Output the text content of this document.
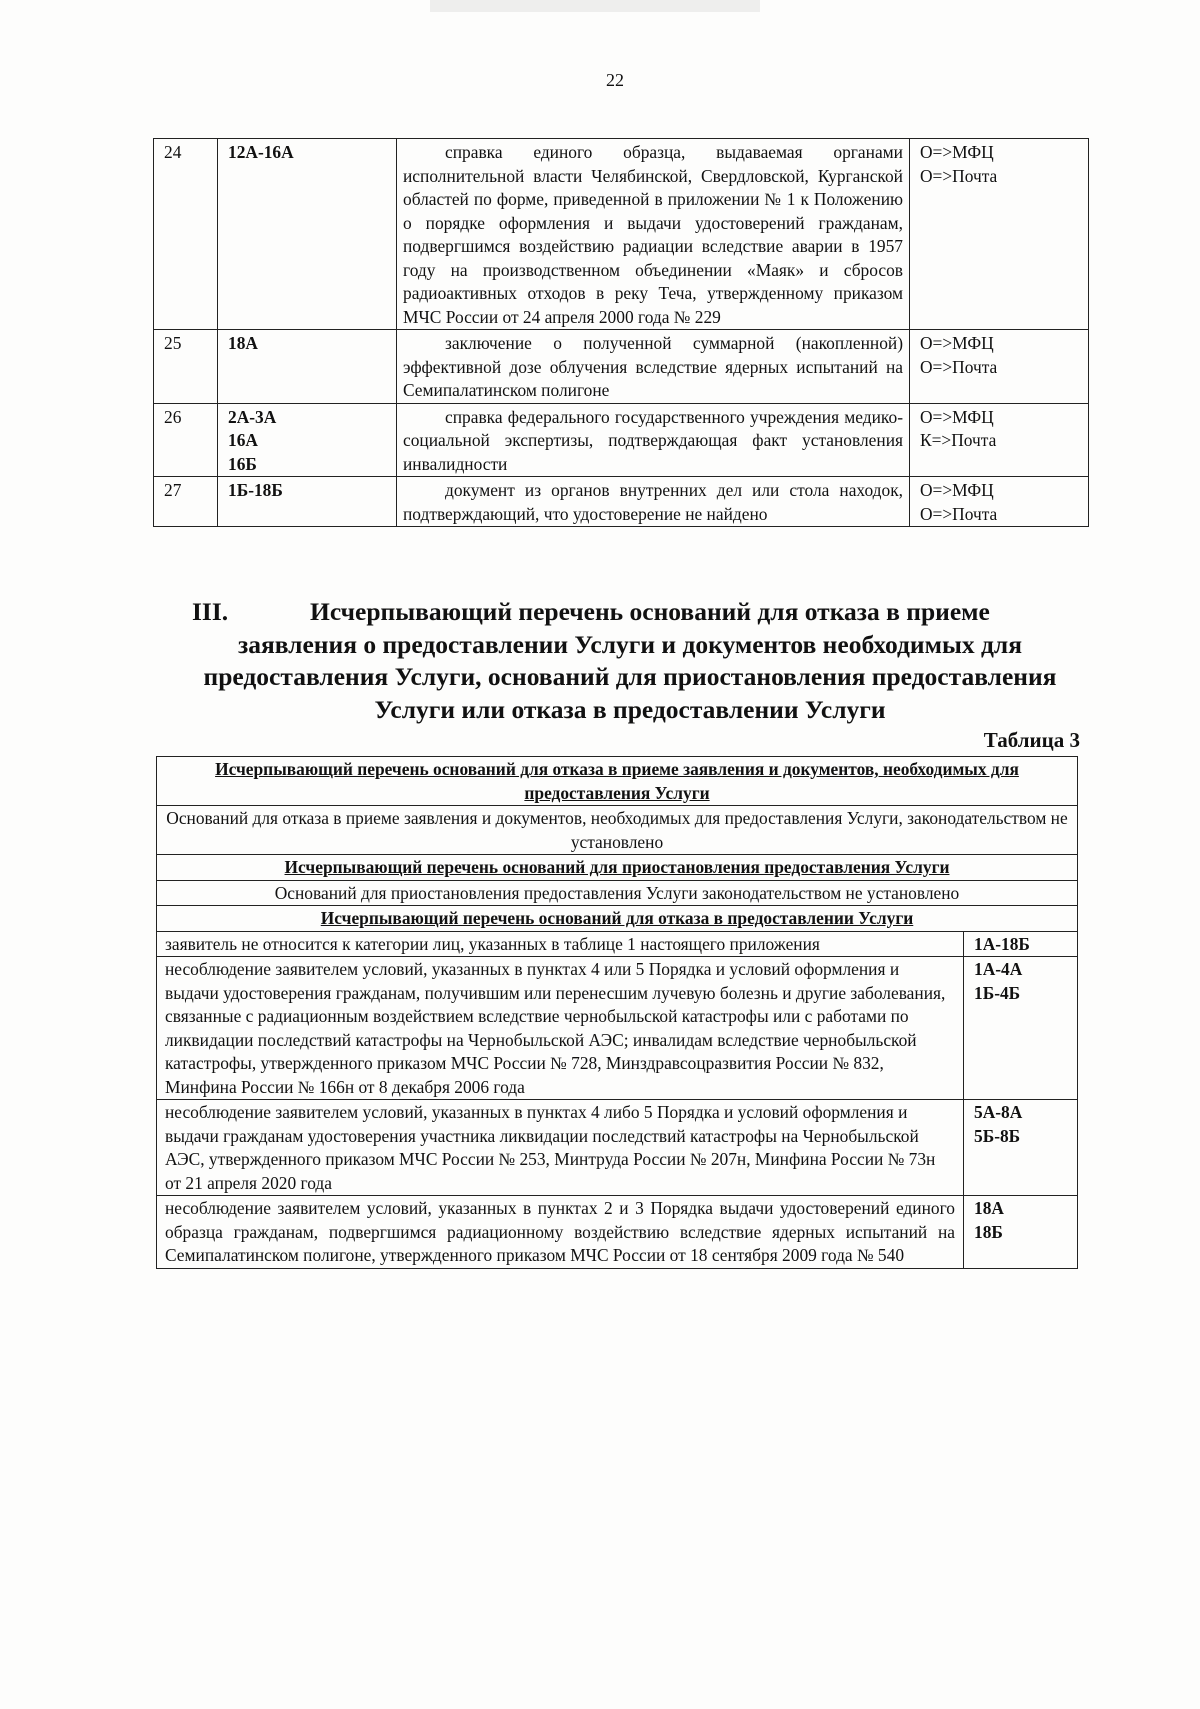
22
24	12А-16А	справка единого образца, выдаваемая органами исполнительной власти Челябинской, Свердловской, Курганской областей по форме, приведенной в приложении № 1 к Положению о порядке оформления и выдачи удостоверений гражданам, подвергшимся воздействию радиации вследствие аварии в 1957 году на производственном объединении «Маяк» и сбросов радиоактивных отходов в реку Теча, утвержденному приказом МЧС России от 24 апреля 2000 года № 229	О=>МФЦ
О=>Почта
25	18А	заключение о полученной суммарной (накопленной) эффективной дозе облучения вследствие ядерных испытаний на Семипалатинском полигоне	О=>МФЦ
О=>Почта
26	2А-3А
16А
16Б	справка федерального государственного учреждения медико-социальной экспертизы, подтверждающая факт установления инвалидности	О=>МФЦ
К=>Почта
27	1Б-18Б	документ из органов внутренних дел или стола находок, подтверждающий, что удостоверение не найдено	О=>МФЦ
О=>Почта
III.	Исчерпывающий перечень оснований для отказа в приеме
заявления о предоставлении Услуги и документов необходимых для предоставления Услуги, оснований для приостановления предоставления Услуги или отказа в предоставлении Услуги
Таблица 3
Исчерпывающий перечень оснований для отказа в приеме заявления и документов, необходимых для предоставления Услуги	
Оснований для отказа в приеме заявления и документов, необходимых для предоставления Услуги, законодательством не установлено	
Исчерпывающий перечень оснований для приостановления предоставления Услуги	
Оснований для приостановления предоставления Услуги законодательством не установлено	
Исчерпывающий перечень оснований для отказа в предоставлении Услуги	
заявитель не относится к категории лиц, указанных в таблице 1 настоящего приложения	1А-18Б
несоблюдение заявителем условий, указанных в пунктах 4 или 5 Порядка и условий оформления и выдачи удостоверения гражданам, получившим или перенесшим лучевую болезнь и другие заболевания, связанные с радиационным воздействием вследствие чернобыльской катастрофы или с работами по ликвидации последствий катастрофы на Чернобыльской АЭС; инвалидам вследствие чернобыльской катастрофы, утвержденного приказом МЧС России № 728, Минздравсоцразвития России № 832, Минфина России № 166н от 8 декабря 2006 года	1А-4А
1Б-4Б
несоблюдение заявителем условий, указанных в пунктах 4 либо 5 Порядка и условий оформления и выдачи гражданам удостоверения участника ликвидации последствий катастрофы на Чернобыльской АЭС, утвержденного приказом МЧС России № 253, Минтруда России № 207н, Минфина России № 73н от 21 апреля 2020 года	5А-8А
5Б-8Б
несоблюдение заявителем условий, указанных в пунктах 2 и 3 Порядка выдачи удостоверений единого образца гражданам, подвергшимся радиационному воздействию вследствие ядерных испытаний на Семипалатинском полигоне, утвержденного приказом МЧС России от 18 сентября 2009 года № 540	18А
18Б
